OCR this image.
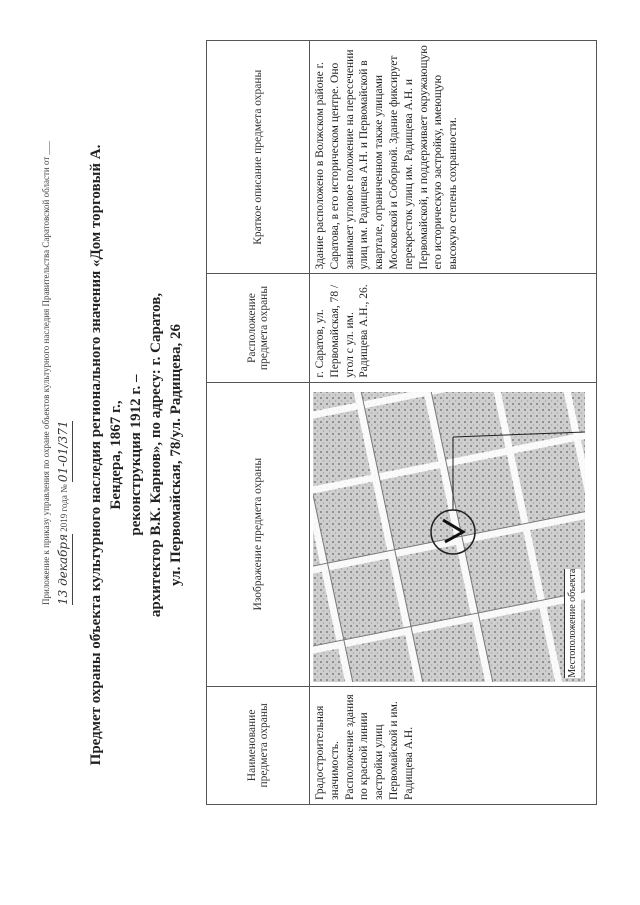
Приложение к приказу управления по охране объектов культурного наследия Правительства Саратовской области от ___ 13 декабря 2019 года № 01-01/371 Предмет охраны объекта культурного наследия регионального значения «Дом торговый А. Бендера, 1867 г., реконструкция 1912 г. – архитектор В.К. Карнов», по адресу: г. Саратов, ул. Первомайская, 78/ул. Радищева, 26
Наименование предмета охраны	Изображение предмета охраны	Расположение предмета охраны	Краткое описание предмета охраны
Градостроительная значимость. Расположение здания по красной линии застройки улиц Первомайской и им. Радищева А.Н.	Местоположение объекта	г. Саратов, ул. Первомайская, 78 / угол с ул. им. Радищева А.Н., 26.	Здание расположено в Волжском районе г. Саратова, в его историческом центре. Оно занимает угловое положение на пересечении улиц им. Радищева А.Н. и Первомайской в квартале, ограниченном также улицами Московской и Соборной. Здание фиксирует перекресток улиц им. Радищева А.Н. и Первомайской, и поддерживает окружающую его историческую застройку, имеющую высокую степень сохранности.
